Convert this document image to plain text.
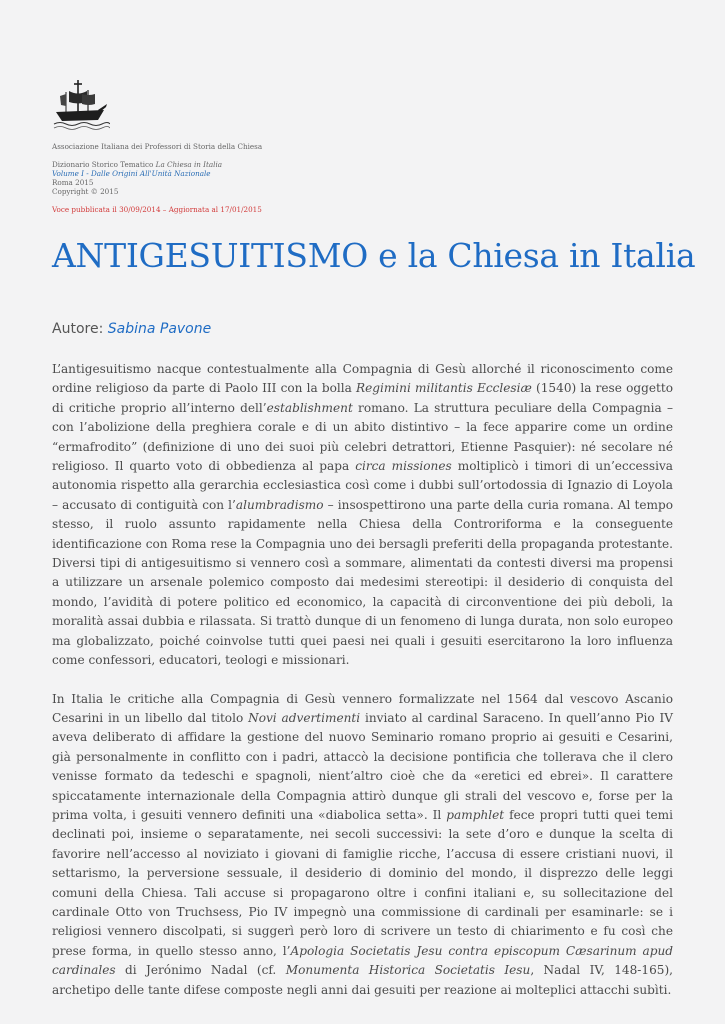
Associazione Italiana dei Professori di Storia della Chiesa
Dizionario Storico Tematico La Chiesa in Italia
Volume I - Dalle Origini All'Unità Nazionale
Roma 2015
Copyright © 2015
Voce pubblicata il 30/09/2014 – Aggiornata al 17/01/2015
ANTIGESUITISMO e la Chiesa in Italia
Autore: Sabina Pavone

L’antigesuitismo nacque contestualmente alla Compagnia di Gesù allorché il riconoscimento come ordine religioso da parte di Paolo III con la bolla Regimini militantis Ecclesiæ (1540) la rese oggetto di critiche proprio all’interno dell’establishment romano. La struttura peculiare della Compagnia – con l’abolizione della preghiera corale e di un abito distintivo – la fece apparire come un ordine “ermafrodito” (definizione di uno dei suoi più celebri detrattori, Etienne Pasquier): né secolare né religioso. Il quarto voto di obbedienza al papa circa missiones moltiplicò i timori di un’eccessiva autonomia rispetto alla gerarchia ecclesiastica così come i dubbi sull’ortodossia di Ignazio di Loyola – accusato di contiguità con l’alumbradismo – insospettirono una parte della curia romana. Al tempo stesso, il ruolo assunto rapidamente nella Chiesa della Controriforma e la conseguente identificazione con Roma rese la Compagnia uno dei bersagli preferiti della propaganda protestante. Diversi tipi di antigesuitismo si vennero così a sommare, alimentati da contesti diversi ma propensi a utilizzare un arsenale polemico composto dai medesimi stereotipi: il desiderio di conquista del mondo, l’avidità di potere politico ed economico, la capacità di circonventione dei più deboli, la moralità assai dubbia e rilassata. Si trattò dunque di un fenomeno di lunga durata, non solo europeo ma globalizzato, poiché coinvolse tutti quei paesi nei quali i gesuiti esercitarono la loro influenza come confessori, educatori, teologi e missionari.

In Italia le critiche alla Compagnia di Gesù vennero formalizzate nel 1564 dal vescovo Ascanio Cesarini in un libello dal titolo Novi advertimenti inviato al cardinal Saraceno. In quell’anno Pio IV aveva deliberato di affidare la gestione del nuovo Seminario romano proprio ai gesuiti e Cesarini, già personalmente in conflitto con i padri, attaccò la decisione pontificia che tollerava che il clero venisse formato da tedeschi e spagnoli, nient’altro cioè che da «eretici ed ebrei». Il carattere spiccatamente internazionale della Compagnia attirò dunque gli strali del vescovo e, forse per la prima volta, i gesuiti vennero definiti una «diabolica setta». Il pamphlet fece propri tutti quei temi declinati poi, insieme o separatamente, nei secoli successivi: la sete d’oro e dunque la scelta di favorire nell’accesso al noviziato i giovani di famiglie ricche, l’accusa di essere cristiani nuovi, il settarismo, la perversione sessuale, il desiderio di dominio del mondo, il disprezzo delle leggi comuni della Chiesa. Tali accuse si propagarono oltre i confini italiani e, su sollecitazione del cardinale Otto von Truchsess, Pio IV impegnò una commissione di cardinali per esaminarle: se i religiosi vennero discolpati, si suggerì però loro di scrivere un testo di chiarimento e fu così che prese forma, in quello stesso anno, l’Apologia Societatis Jesu contra episcopum Cæsarinum apud cardinales di Jerónimo Nadal (cf. Monumenta Historica Societatis Iesu, Nadal IV, 148-165), archetipo delle tante difese composte negli anni dai gesuiti per reazione ai molteplici attacchi subìti.
